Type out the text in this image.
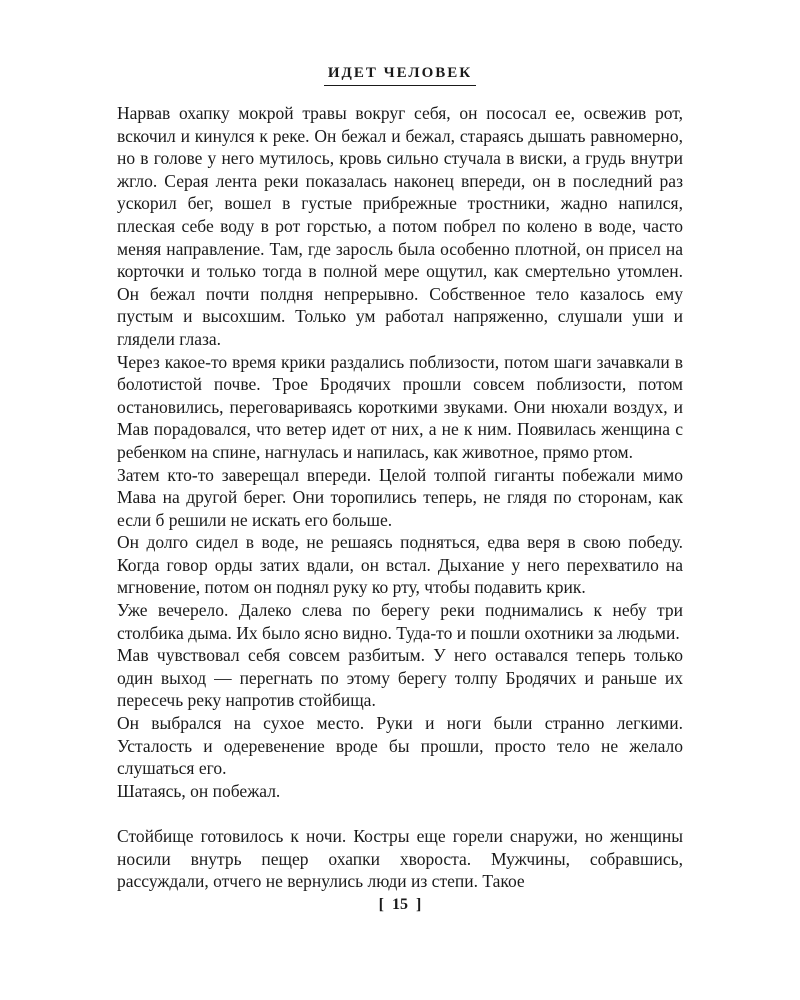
ИДЕТ ЧЕЛОВЕК

Нарвав охапку мокрой травы вокруг себя, он пососал ее, освежив рот, вскочил и кинулся к реке. Он бежал и бежал, стараясь дышать равномерно, но в голове у него мутилось, кровь сильно стучала в виски, а грудь внутри жгло. Серая лента реки показалась наконец впереди, он в последний раз ускорил бег, вошел в густые прибрежные тростники, жадно напился, плеская себе воду в рот горстью, а потом побрел по колено в воде, часто меняя направление. Там, где заросль была особенно плотной, он присел на корточки и только тогда в полной мере ощутил, как смертельно утомлен. Он бежал почти полдня непрерывно. Собственное тело казалось ему пустым и высохшим. Только ум работал напряженно, слушали уши и глядели глаза.

Через какое-то время крики раздались поблизости, потом шаги зачавкали в болотистой почве. Трое Бродячих прошли совсем поблизости, потом остановились, переговариваясь короткими звуками. Они нюхали воздух, и Мав порадовался, что ветер идет от них, а не к ним. Появилась женщина с ребенком на спине, нагнулась и напилась, как животное, прямо ртом.

Затем кто-то заверещал впереди. Целой толпой гиганты побежали мимо Мава на другой берег. Они торопились теперь, не глядя по сторонам, как если б решили не искать его больше.

Он долго сидел в воде, не решаясь подняться, едва веря в свою победу. Когда говор орды затих вдали, он встал. Дыхание у него перехватило на мгновение, потом он поднял руку ко рту, чтобы подавить крик.

Уже вечерело. Далеко слева по берегу реки поднимались к небу три столбика дыма. Их было ясно видно. Туда-то и пошли охотники за людьми.

Мав чувствовал себя совсем разбитым. У него оставался теперь только один выход — перегнать по этому берегу толпу Бродячих и раньше их пересечь реку напротив стойбища.

Он выбрался на сухое место. Руки и ноги были странно легкими. Усталость и одеревенение вроде бы прошли, просто тело не желало слушаться его.

Шатаясь, он побежал.

Стойбище готовилось к ночи. Костры еще горели снаружи, но женщины носили внутрь пещер охапки хвороста. Мужчины, собравшись, рассуждали, отчего не вернулись люди из степи. Такое

[ 15 ]
